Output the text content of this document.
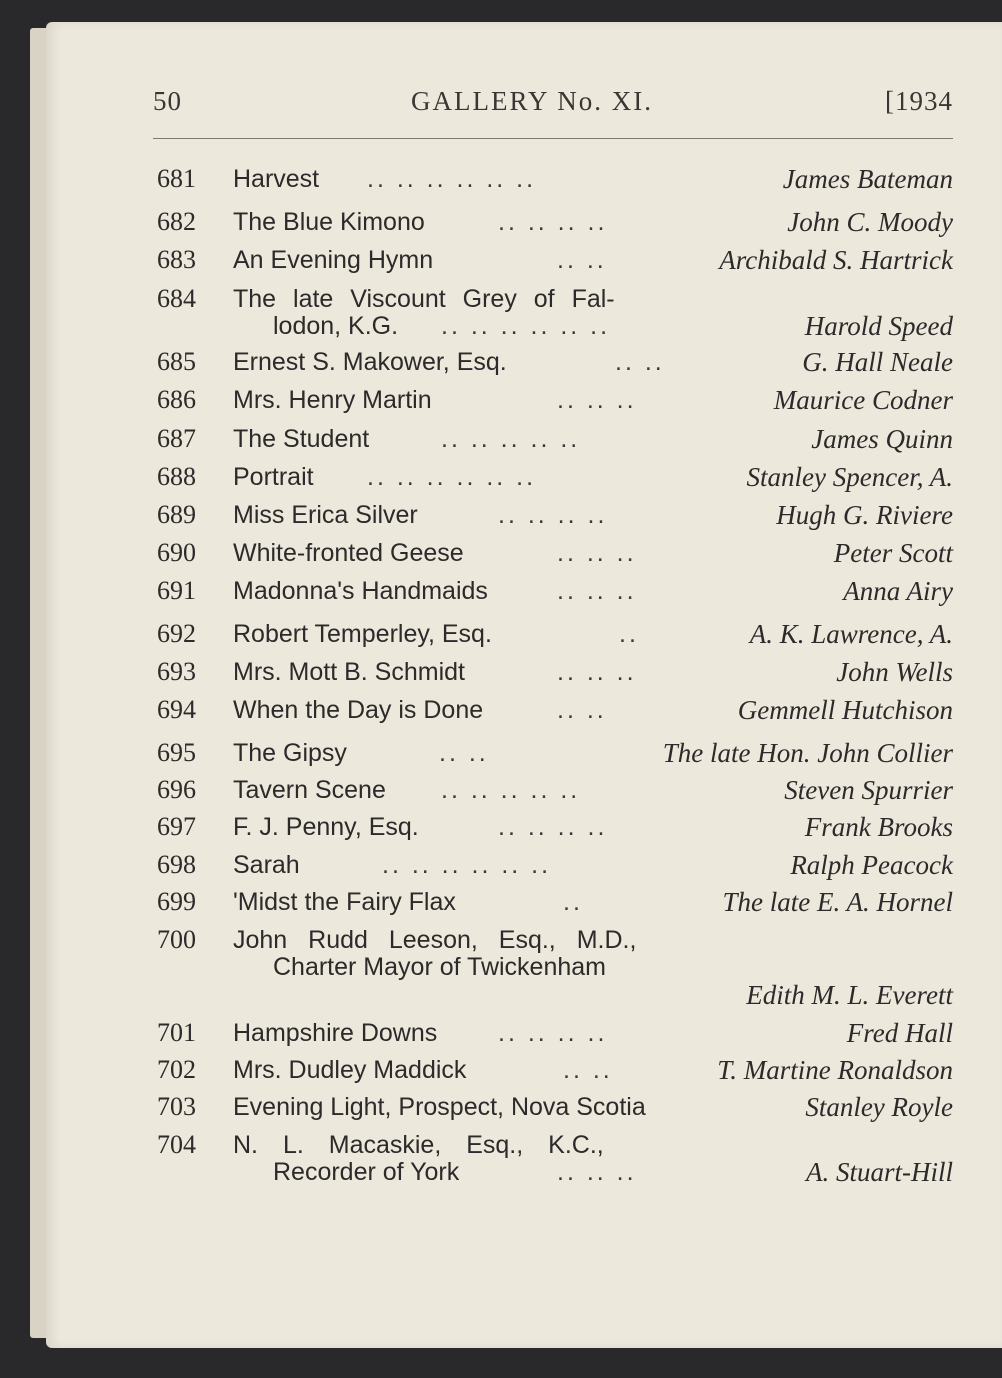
50	GALLERY No. XI.	[1934
681 Harvest .. .. .. .. .. ..	James Bateman
682 The Blue Kimono	.. .. .. ..	John C. Moody
683 An Evening Hymn	.. ..	Archibald S. Hartrick
684 The late Viscount Grey of Fal-
lodon, K.G. .. .. .. .. .. ..	Harold Speed
685 Ernest S. Makower, Esq.	.. ..	G. Hall Neale
686 Mrs. Henry Martin	.. .. ..	Maurice Codner
687 The Student	.. .. .. .. ..	James Quinn
688 Portrait .. .. .. .. .. ..	Stanley Spencer, A.
689 Miss Erica Silver	.. .. .. ..	Hugh G. Riviere
690 White-fronted Geese	.. .. ..	Peter Scott
691 Madonna's Handmaids	.. .. ..	Anna Airy
692 Robert Temperley, Esq.	..	A. K. Lawrence, A.
693 Mrs. Mott B. Schmidt	.. .. ..	John Wells
694 When the Day is Done	.. ..	Gemmell Hutchison
695 The Gipsy	.. ..	The late Hon. John Collier
696 Tavern Scene .. .. .. .. ..	Steven Spurrier
697 F. J. Penny, Esq.	.. .. .. ..	Frank Brooks
698 Sarah	.. .. .. .. .. ..	Ralph Peacock
699 'Midst the Fairy Flax	..	The late E. A. Hornel
700 John Rudd Leeson, Esq., M.D.,
Charter Mayor of Twickenham
Edith M. L. Everett
701 Hampshire Downs .. .. .. ..	Fred Hall
702 Mrs. Dudley Maddick	.. ..	T. Martine Ronaldson
703 Evening Light, Prospect, Nova Scotia	Stanley Royle
704 N. L. Macaskie, Esq., K.C.,
Recorder of York	.. .. ..	A. Stuart-Hill
